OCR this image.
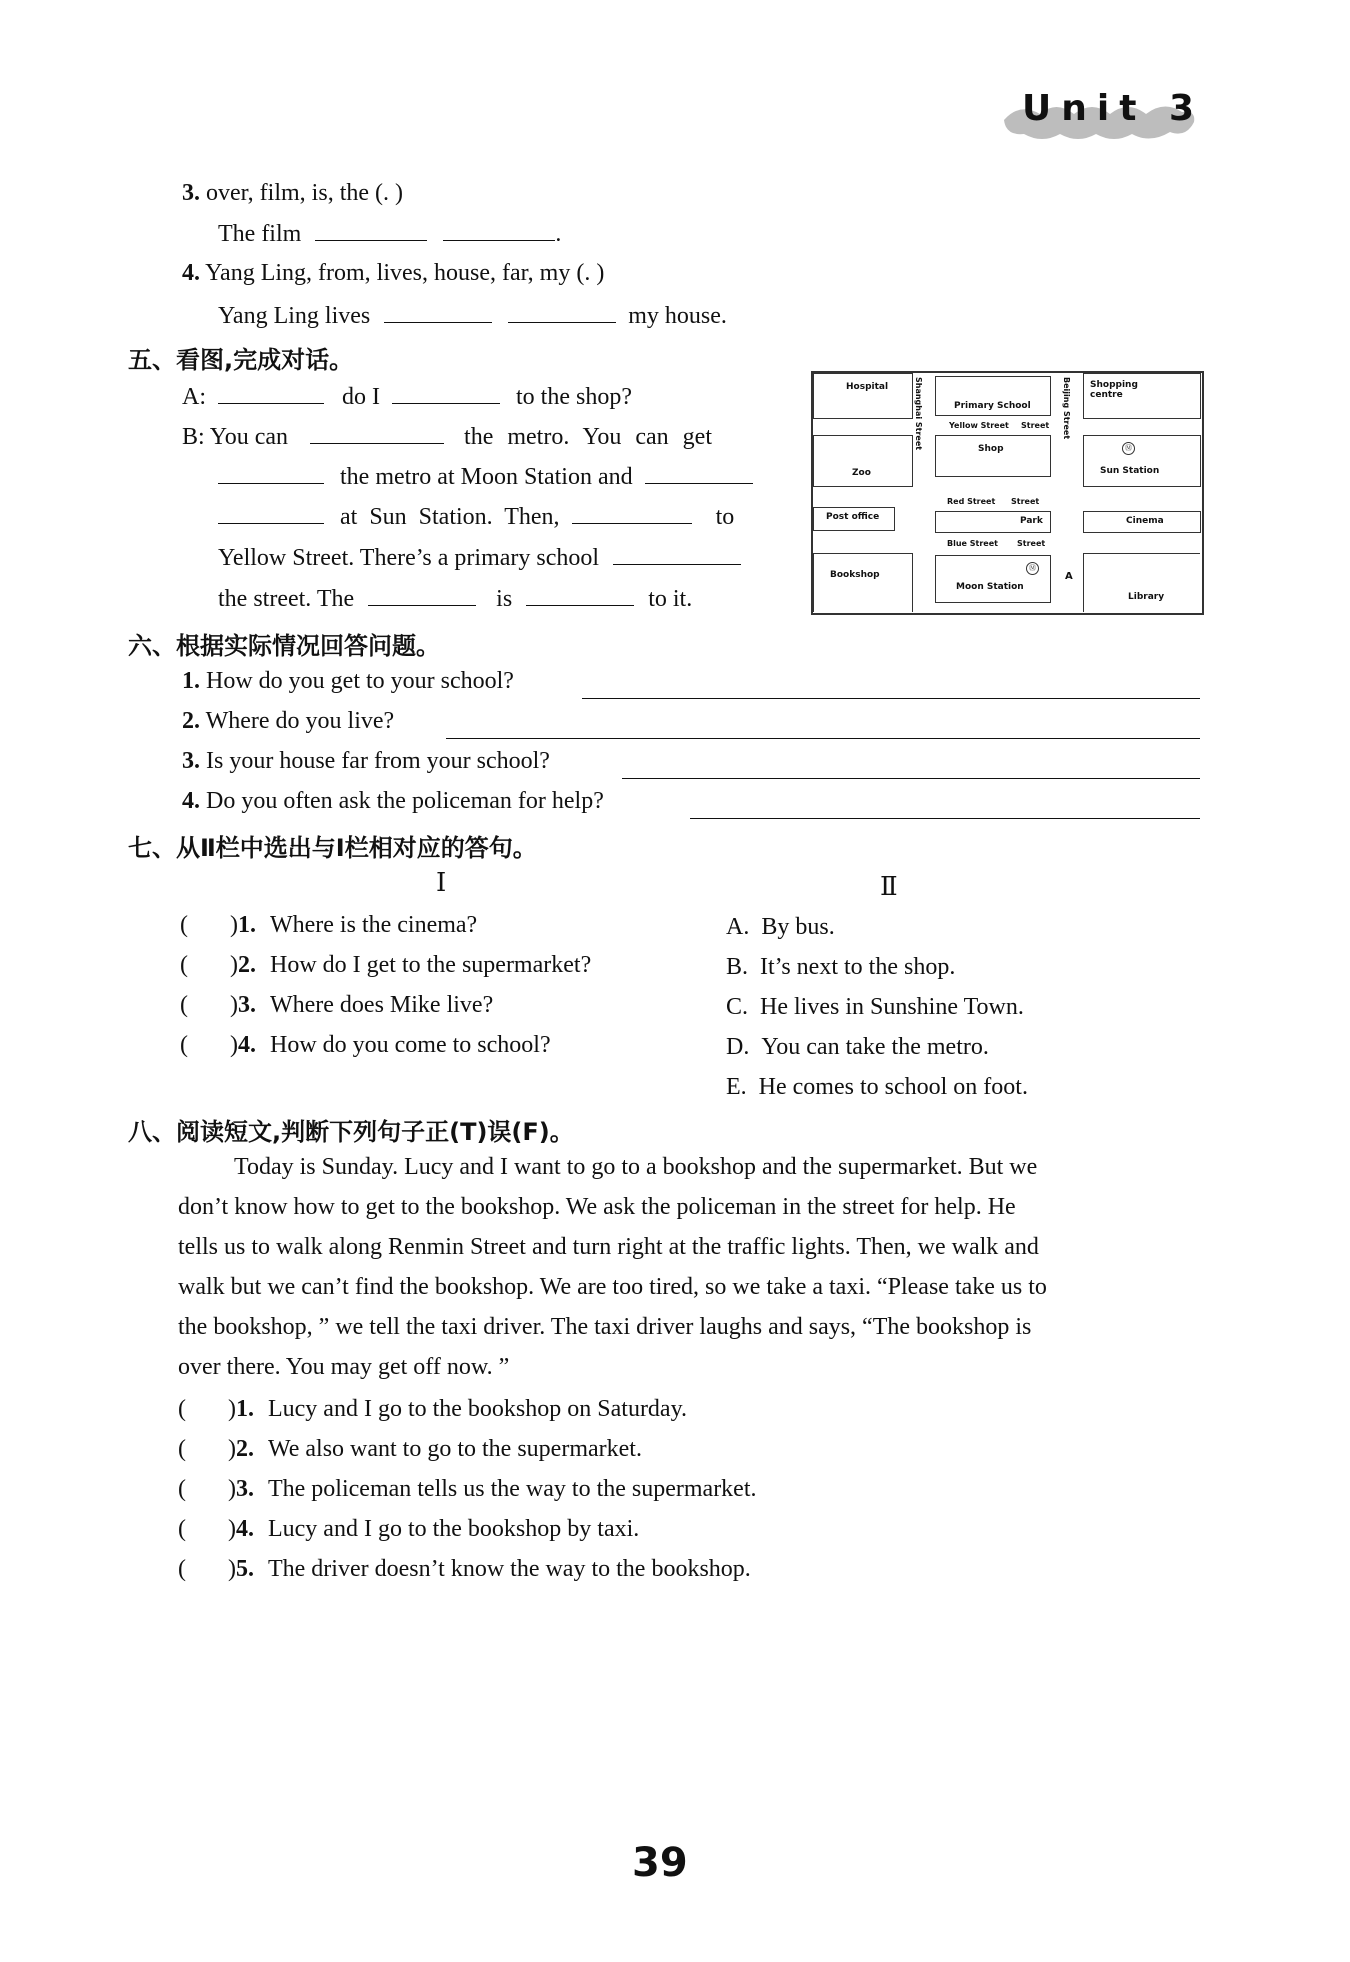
Unit 3
3. over, film, is, the (. )
The film	.
4. Yang Ling, from, lives, house, far, my (. )
Yang Ling lives	my house.
五、看图,完成对话。
A:	do I	to the shop?
B: You can	the metro. You can get
the metro at Moon Station and
at Sun Station. Then,	to
Yellow Street. There’s a primary school
the street. The	is	to it.
Hospital
Primary School
Shopping centre
Yellow Street Street
Zoo
Shop	Ⓜ
Sun Station
Red Street Street
Post office	Park	Cinema
Blue Street Street
Bookshop
Ⓜ
Moon Station
A
Library
Shanghai Street	Beijing Street
六、根据实际情况回答问题。
1. How do you get to your school?
2. Where do you live?
3. Is your house far from your school?
4. Do you often ask the policeman for help?
七、从Ⅱ栏中选出与Ⅰ栏相对应的答句。
Ⅰ	Ⅱ
(       )1. Where is the cinema?
(       )2. How do I get to the supermarket?
(       )3. Where does Mike live?
(       )4. How do you come to school?
A. By bus.
B. It’s next to the shop.
C. He lives in Sunshine Town.
D. You can take the metro.
E. He comes to school on foot.
八、阅读短文,判断下列句子正(T)误(F)。
Today is Sunday. Lucy and I want to go to a bookshop and the supermarket. But we
don’t know how to get to the bookshop. We ask the policeman in the street for help. He
tells us to walk along Renmin Street and turn right at the traffic lights. Then, we walk and
walk but we can’t find the bookshop. We are too tired, so we take a taxi. “Please take us to
the bookshop, ” we tell the taxi driver. The taxi driver laughs and says, “The bookshop is
over there. You may get off now. ”
(       )1. Lucy and I go to the bookshop on Saturday.
(       )2. We also want to go to the supermarket.
(       )3. The policeman tells us the way to the supermarket.
(       )4. Lucy and I go to the bookshop by taxi.
(       )5. The driver doesn’t know the way to the bookshop.
39
